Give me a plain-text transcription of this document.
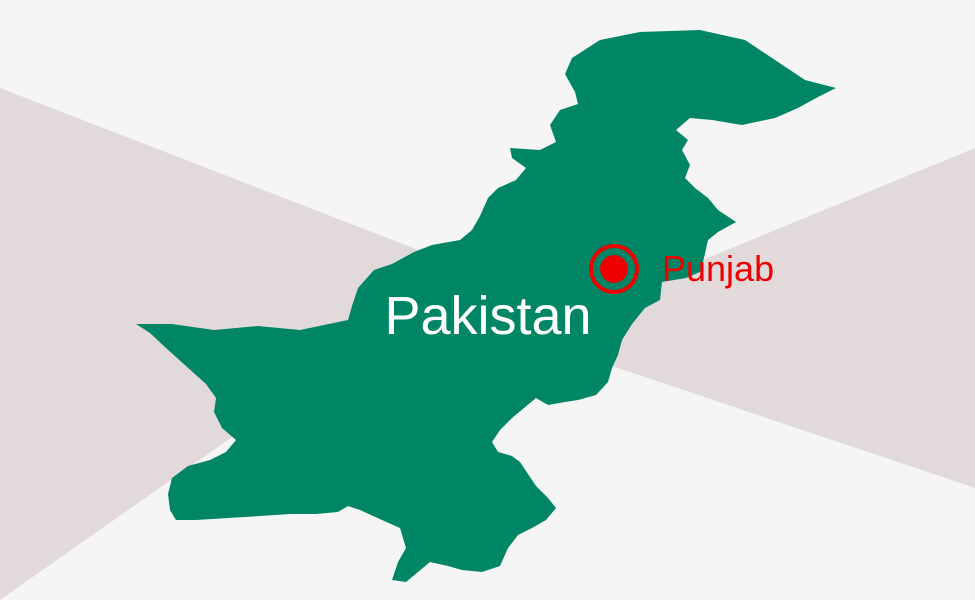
Pakistan
Punjab
